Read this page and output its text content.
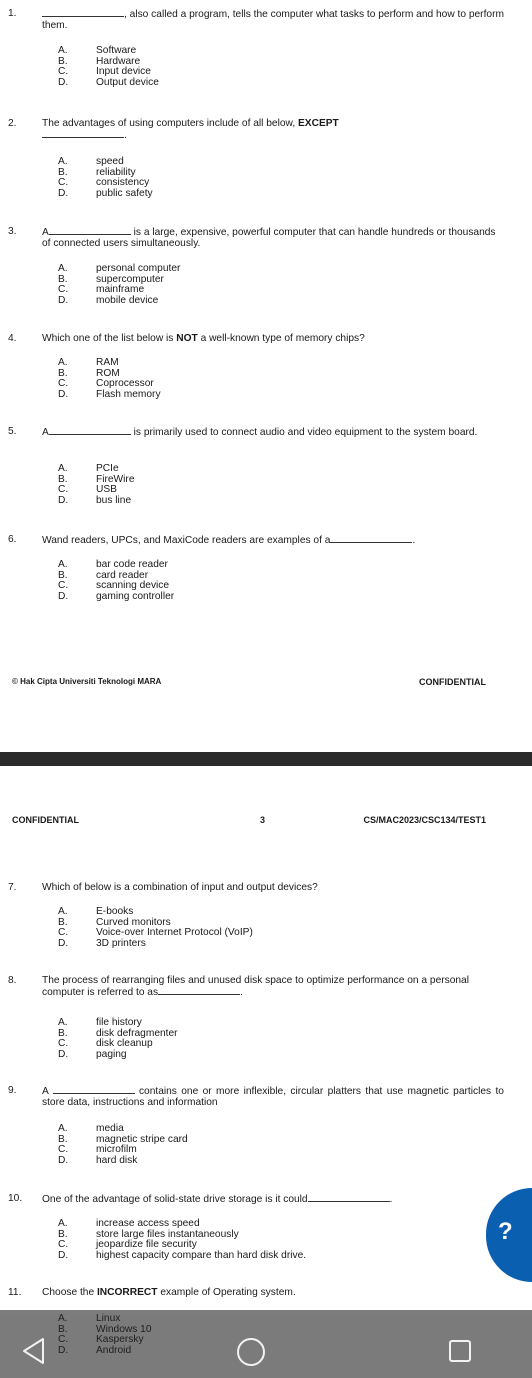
1.	, also called a program, tells the computer what tasks to perform and how to perform them.
A.	Software
B.	Hardware
C.	Input device
D.	Output device
2.	The advantages of using computers include of all below, EXCEPT
.
A.	speed
B.	reliability
C.	consistency
D.	public safety
3.	A	is a large, expensive, powerful computer that can handle hundreds or thousands of connected users simultaneously.
A.	personal computer
B.	supercomputer
C.	mainframe
D.	mobile device
4.	Which one of the list below is NOT a well-known type of memory chips?
A.	RAM
B.	ROM
C.	Coprocessor
D.	Flash memory
5.	A	is primarily used to connect audio and video equipment to the system board.
A.	PCIe
B.	FireWire
C.	USB
D.	bus line
6.	Wand readers, UPCs, and MaxiCode readers are examples of a	.
A.	bar code reader
B.	card reader
C.	scanning device
D.	gaming controller
© Hak Cipta Universiti Teknologi MARA	CONFIDENTIAL
CONFIDENTIAL	3	CS/MAC2023/CSC134/TEST1
7.	Which of below is a combination of input and output devices?
A.	E-books
B.	Curved monitors
C.	Voice-over Internet Protocol (VoIP)
D.	3D printers
8.	The process of rearranging files and unused disk space to optimize performance on a personal computer is referred to as	.
A.	file history
B.	disk defragmenter
C.	disk cleanup
D.	paging
9.	A	contains one or more inflexible, circular platters that use magnetic particles to store data, instructions and information
A.	media
B.	magnetic stripe card
C.	microfilm
D.	hard disk
10. One of the advantage of solid-state drive storage is it could	.
A.	increase access speed
B.	store large files instantaneously
C.	jeopardize file security
D.	highest capacity compare than hard disk drive.
11. Choose the INCORRECT example of Operating system.
?
A.	Linux
B.	Windows 10
C.	Kaspersky
D.	Android
